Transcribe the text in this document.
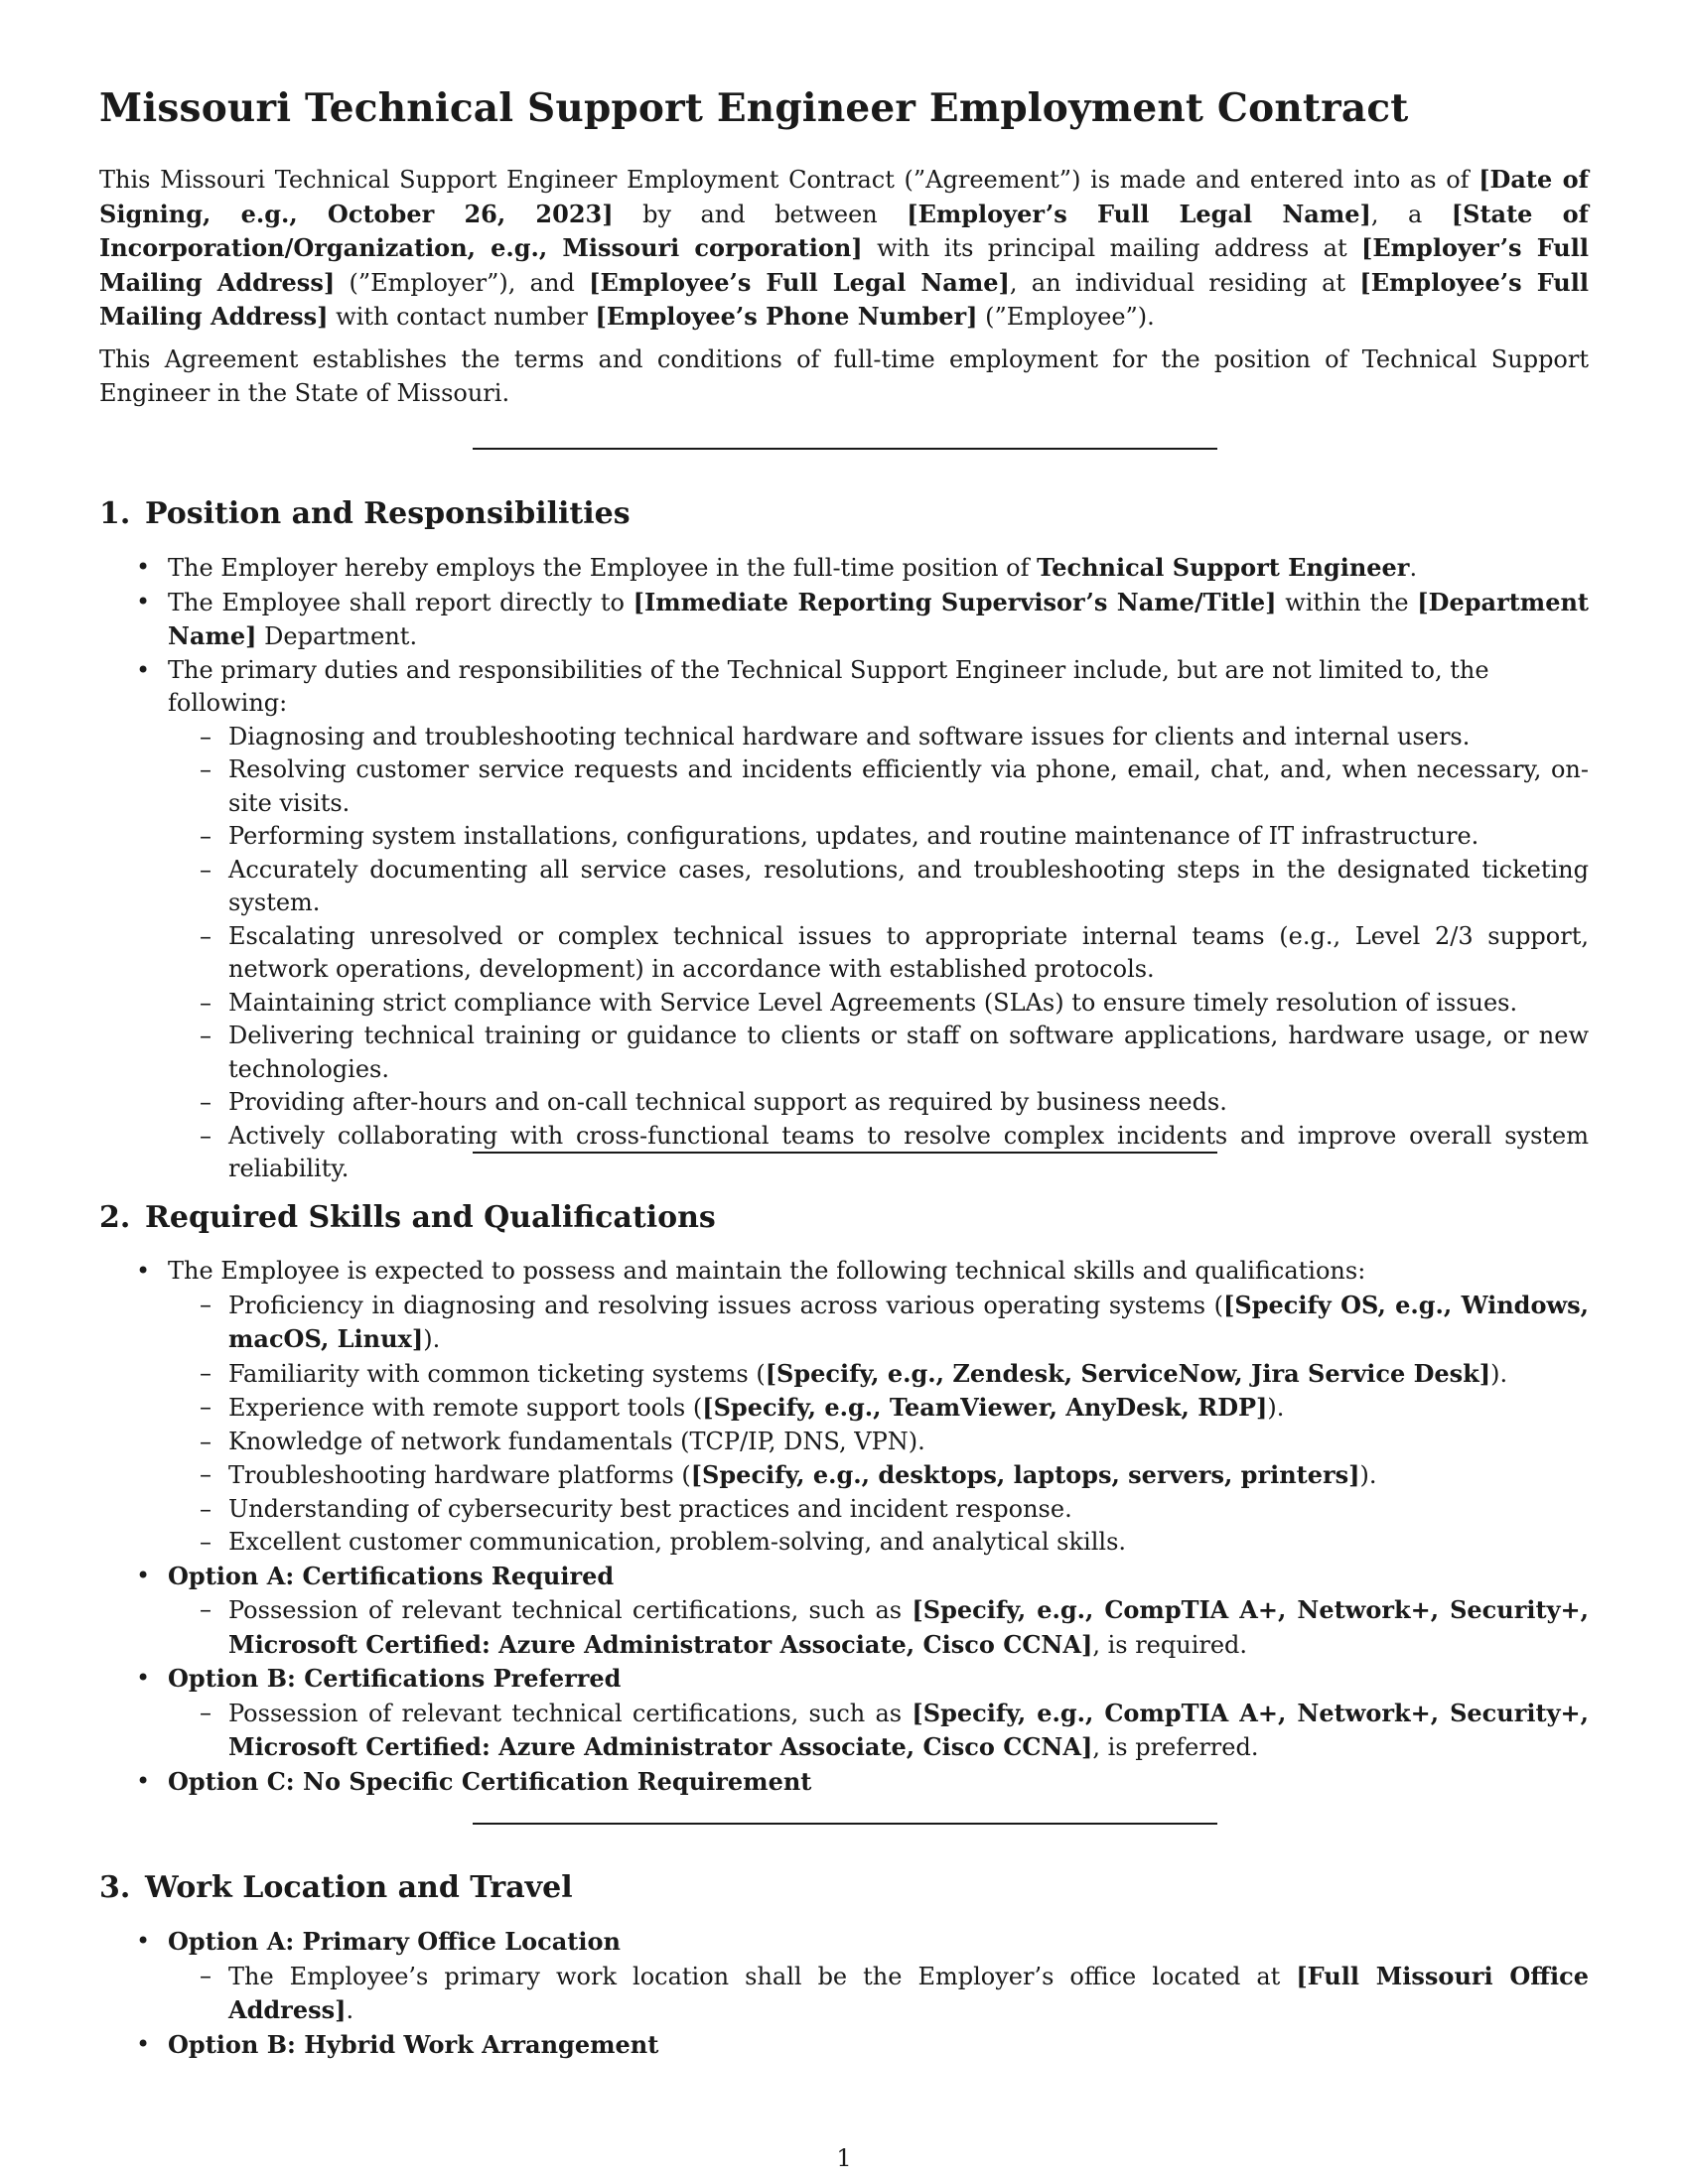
Missouri Technical Support Engineer Employment Contract

This Missouri Technical Support Engineer Employment Contract (”Agreement”) is made and entered into as of [Date of Signing, e.g., October 26, 2023] by and between [Employer’s Full Legal Name], a [State of Incorporation/Organization, e.g., Missouri corporation] with its principal mailing address at [Employer’s Full Mailing Address] (”Employer”), and [Employee’s Full Legal Name], an individual residing at [Employee’s Full Mailing Address] with contact number [Employee’s Phone Number] (”Employee”).

This Agreement establishes the terms and conditions of full-time employment for the position of Technical Support Engineer in the State of Missouri.

1. Position and Responsibilities
• The Employer hereby employs the Employee in the full-time position of Technical Support Engineer.
• The Employee shall report directly to [Immediate Reporting Supervisor’s Name/Title] within the [Department Name] Department.
• The primary duties and responsibilities of the Technical Support Engineer include, but are not limited to, the following:
– Diagnosing and troubleshooting technical hardware and software issues for clients and internal users.
– Resolving customer service requests and incidents efficiently via phone, email, chat, and, when necessary, on-site visits.
– Performing system installations, configurations, updates, and routine maintenance of IT infrastructure.
– Accurately documenting all service cases, resolutions, and troubleshooting steps in the designated ticketing system.
– Escalating unresolved or complex technical issues to appropriate internal teams (e.g., Level 2/3 support, network operations, development) in accordance with established protocols.
– Maintaining strict compliance with Service Level Agreements (SLAs) to ensure timely resolution of issues.
– Delivering technical training or guidance to clients or staff on software applications, hardware usage, or new technologies.
– Providing after-hours and on-call technical support as required by business needs.
– Actively collaborating with cross-functional teams to resolve complex incidents and improve overall system reliability.
2. Required Skills and Qualifications
• The Employee is expected to possess and maintain the following technical skills and qualifications:
– Proficiency in diagnosing and resolving issues across various operating systems ([Specify OS, e.g., Windows, macOS, Linux]).
– Familiarity with common ticketing systems ([Specify, e.g., Zendesk, ServiceNow, Jira Service Desk]).
– Experience with remote support tools ([Specify, e.g., TeamViewer, AnyDesk, RDP]).
– Knowledge of network fundamentals (TCP/IP, DNS, VPN).
– Troubleshooting hardware platforms ([Specify, e.g., desktops, laptops, servers, printers]).
– Understanding of cybersecurity best practices and incident response.
– Excellent customer communication, problem-solving, and analytical skills.
• Option A: Certifications Required
– Possession of relevant technical certifications, such as [Specify, e.g., CompTIA A+, Network+, Security+, Microsoft Certified: Azure Administrator Associate, Cisco CCNA], is required.
• Option B: Certifications Preferred
– Possession of relevant technical certifications, such as [Specify, e.g., CompTIA A+, Network+, Security+, Microsoft Certified: Azure Administrator Associate, Cisco CCNA], is preferred.
• Option C: No Specific Certification Requirement
3. Work Location and Travel
• Option A: Primary Office Location
– The Employee’s primary work location shall be the Employer’s office located at [Full Missouri Office Address].
• Option B: Hybrid Work Arrangement
1
